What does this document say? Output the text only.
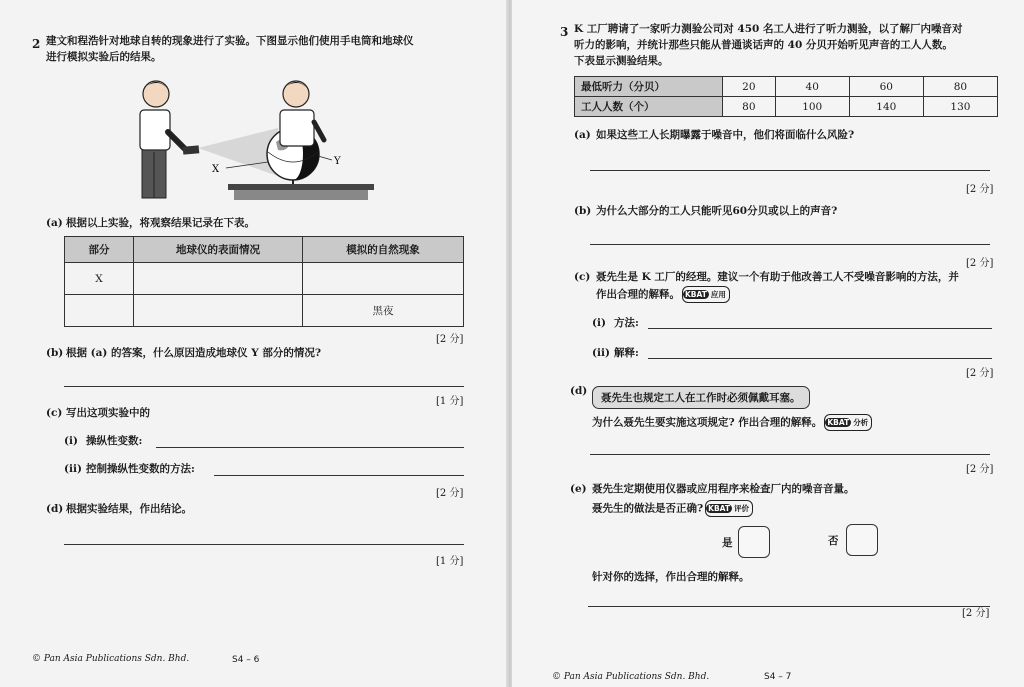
2 建文和程浩针对地球自转的现象进行了实验。下图显示他们使用手电筒和地球仪
进行模拟实验后的结果。
X
Y
(a) 根据以上实验，将观察结果记录在下表。
部分	地球仪的表面情况	模拟的自然现象
X		
		黑夜
[2 分]
(b) 根据 (a) 的答案，什么原因造成地球仪 Y 部分的情况?
[1 分]
(c) 写出这项实验中的
(i) 操纵性变数:
(ii) 控制操纵性变数的方法:
[2 分]
(d) 根据实验结果，作出结论。
[1 分]
© Pan Asia Publications Sdn. Bhd.	S4 – 6
3 K 工厂聘请了一家听力测验公司对 450 名工人进行了听力测验，以了解厂内噪音对
听力的影响，并统计那些只能从普通谈话声的 40 分贝开始听见声音的工人人数。
下表显示测验结果。
最低听力（分贝）	20	40	60	80
工人人数（个）	80	100	140	130
(a) 如果这些工人长期曝露于噪音中，他们将面临什么风险?
[2 分]
(b) 为什么大部分的工人只能听见60分贝或以上的声音?
[2 分]
(c) 聂先生是 K 工厂的经理。建议一个有助于他改善工人不受噪音影响的方法，并
作出合理的解释。 KBAT 应用
(i) 方法:
(ii) 解释:
[2 分]
(d)
聂先生也规定工人在工作时必须佩戴耳塞。
为什么聂先生要实施这项规定? 作出合理的解释。 KBAT 分析
[2 分]
(e) 聂先生定期使用仪器或应用程序来检查厂内的噪音音量。
聂先生的做法是否正确? KBAT 评价
是	否
针对你的选择，作出合理的解释。
[2 分]
© Pan Asia Publications Sdn. Bhd.	S4 – 7
